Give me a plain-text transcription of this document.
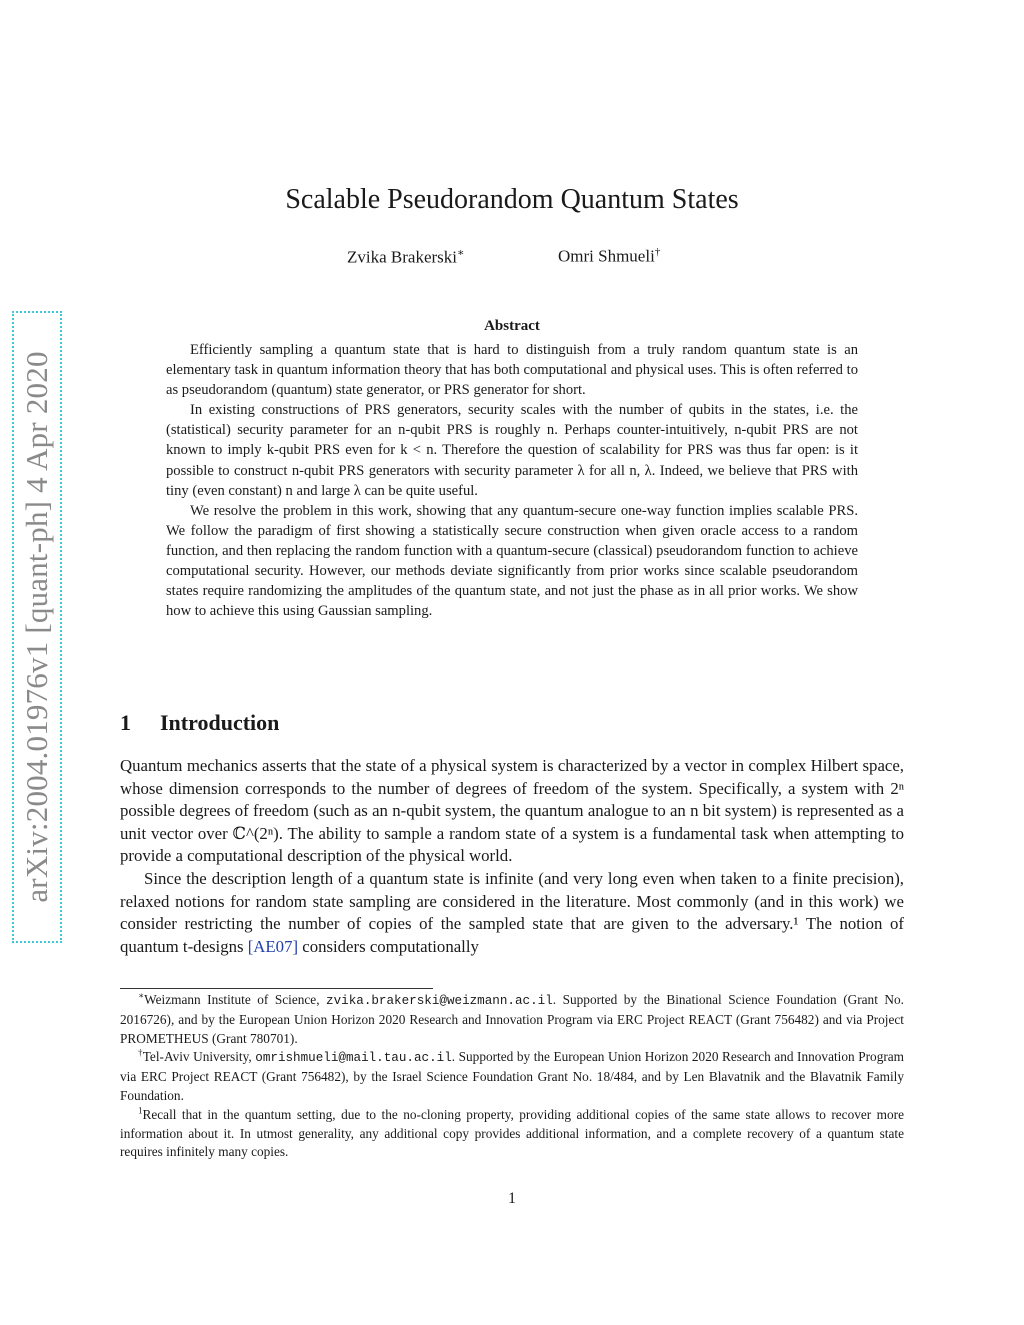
arXiv:2004.01976v1 [quant-ph] 4 Apr 2020
Scalable Pseudorandom Quantum States
Zvika Brakerski∗	Omri Shmueli†
Abstract

Efficiently sampling a quantum state that is hard to distinguish from a truly random quantum state is an elementary task in quantum information theory that has both computational and physical uses. This is often referred to as pseudorandom (quantum) state generator, or PRS generator for short.

In existing constructions of PRS generators, security scales with the number of qubits in the states, i.e. the (statistical) security parameter for an n-qubit PRS is roughly n. Perhaps counter-intuitively, n-qubit PRS are not known to imply k-qubit PRS even for k < n. Therefore the question of scalability for PRS was thus far open: is it possible to construct n-qubit PRS generators with security parameter λ for all n, λ. Indeed, we believe that PRS with tiny (even constant) n and large λ can be quite useful.

We resolve the problem in this work, showing that any quantum-secure one-way function implies scalable PRS. We follow the paradigm of first showing a statistically secure construction when given oracle access to a random function, and then replacing the random function with a quantum-secure (classical) pseudorandom function to achieve computational security. However, our methods deviate significantly from prior works since scalable pseudorandom states require randomizing the amplitudes of the quantum state, and not just the phase as in all prior works. We show how to achieve this using Gaussian sampling.

1 Introduction

Quantum mechanics asserts that the state of a physical system is characterized by a vector in complex Hilbert space, whose dimension corresponds to the number of degrees of freedom of the system. Specifically, a system with 2ⁿ possible degrees of freedom (such as an n-qubit system, the quantum analogue to an n bit system) is represented as a unit vector over ℂ^(2ⁿ). The ability to sample a random state of a system is a fundamental task when attempting to provide a computational description of the physical world.

Since the description length of a quantum state is infinite (and very long even when taken to a finite precision), relaxed notions for random state sampling are considered in the literature. Most commonly (and in this work) we consider restricting the number of copies of the sampled state that are given to the adversary.¹ The notion of quantum t-designs [AE07] considers computationally

∗Weizmann Institute of Science, zvika.brakerski@weizmann.ac.il. Supported by the Binational Science Foundation (Grant No. 2016726), and by the European Union Horizon 2020 Research and Innovation Program via ERC Project REACT (Grant 756482) and via Project PROMETHEUS (Grant 780701).

†Tel-Aviv University, omrishmueli@mail.tau.ac.il. Supported by the European Union Horizon 2020 Research and Innovation Program via ERC Project REACT (Grant 756482), by the Israel Science Foundation Grant No. 18/484, and by Len Blavatnik and the Blavatnik Family Foundation.

$^1$Recall that in the quantum setting, due to the no-cloning property, providing additional copies of the same state allows to recover more information about it. In utmost generality, any additional copy provides additional information, and a complete recovery of a quantum state requires infinitely many copies.

1
